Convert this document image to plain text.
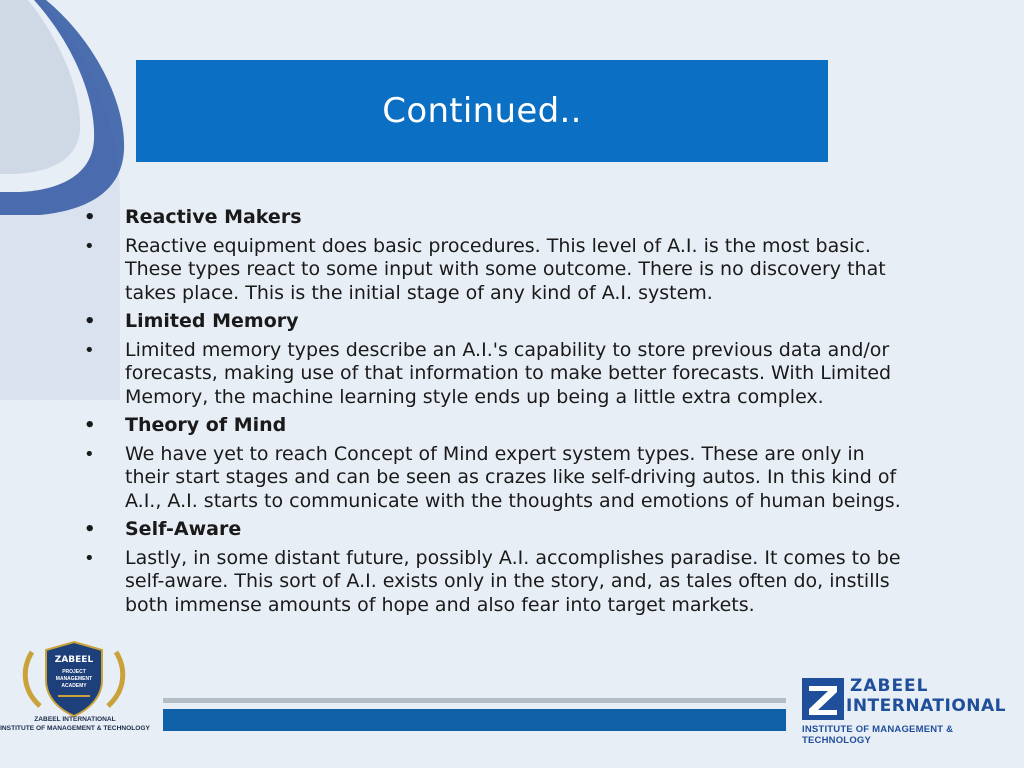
Continued..
• Reactive Makers
• Reactive equipment does basic procedures. This level of A.I. is the most basic. These types react to some input with some outcome. There is no discovery that takes place. This is the initial stage of any kind of A.I. system.
• Limited Memory
• Limited memory types describe an A.I.'s capability to store previous data and/or forecasts, making use of that information to make better forecasts. With Limited Memory, the machine learning style ends up being a little extra complex.
• Theory of Mind
• We have yet to reach Concept of Mind expert system types. These are only in their start stages and can be seen as crazes like self-driving autos. In this kind of A.I., A.I. starts to communicate with the thoughts and emotions of human beings.
• Self-Aware
• Lastly, in some distant future, possibly A.I. accomplishes paradise. It comes to be self-aware. This sort of A.I. exists only in the story, and, as tales often do, instills both immense amounts of hope and also fear into target markets.
ZABEEL
PROJECT
MANAGEMENT
ACADEMY
ZABEEL INTERNATIONAL
INSTITUTE OF MANAGEMENT & TECHNOLOGY
ZABEEL
INTERNATIONAL
INSTITUTE OF MANAGEMENT & TECHNOLOGY
